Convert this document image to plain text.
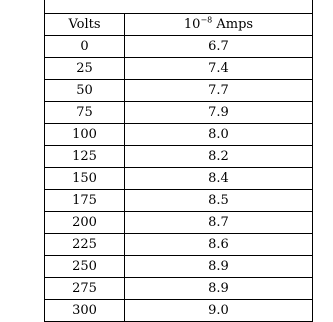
Volts	$10^{-8}$ Amps
0	6.7
25	7.4
50	7.7
75	7.9
100	8.0
125	8.2
150	8.4
175	8.5
200	8.7
225	8.6
250	8.9
275	8.9
300	9.0
